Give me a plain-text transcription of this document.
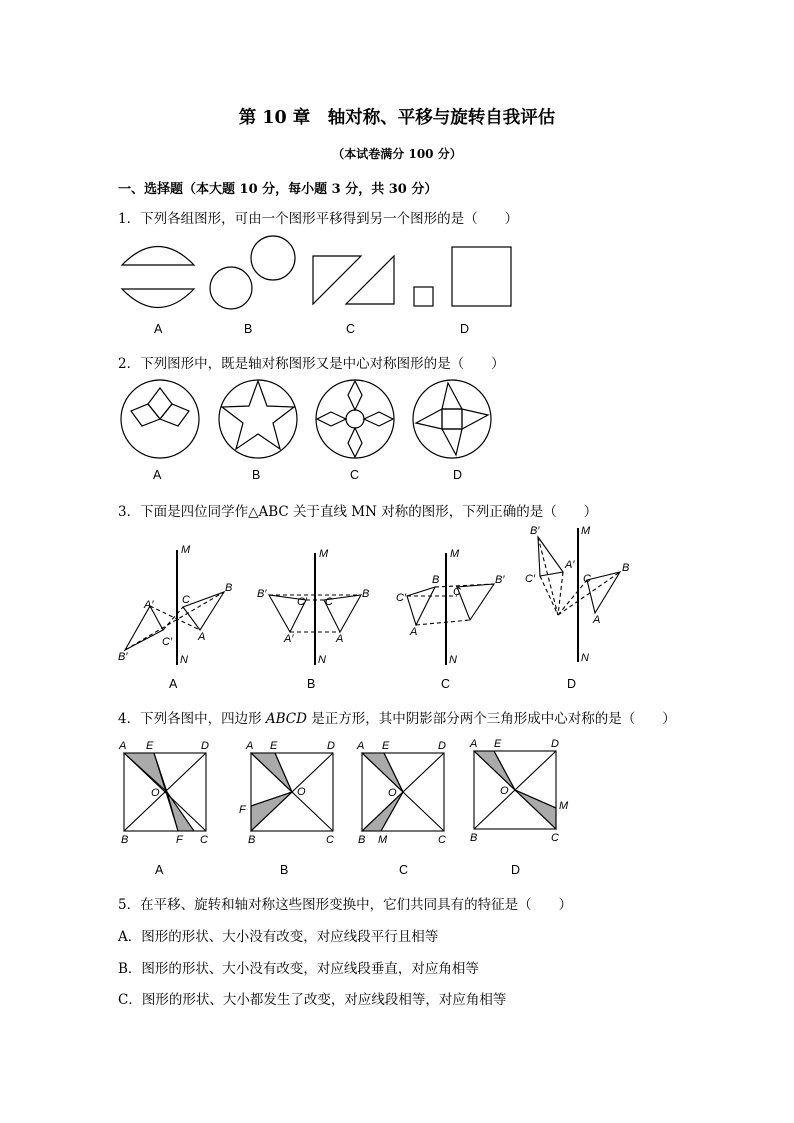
第 10 章　轴对称、平移与旋转自我评估
（本试卷满分 100 分）
一、选择题（本大题 10 分，每小题 3 分，共 30 分）
1．下列各组图形，可由一个图形平移得到另一个图形的是（　　）
A	B	C	D
2．下列图形中，既是轴对称图形又是中心对称图形的是（　　）
A	B	C	D
3．下面是四位同学作△ABC 关于直线 MN 对称的图形，下列正确的是（　　）
M
N
B
C
A
A′
B′
C′
M
N
B
C
A
B′
C′
A′
M
N
B
C
A
B′
C′
M
N
B
C
A
B′
C′
A′
A	B	C	D
4．下列各图中，四边形 ABCD 是正方形，其中阴影部分两个三角形成中心对称的是（　　）
A E	D
O
B	F C
A E	D
O
F
B	C
A E	D
O
B M	C
A E	D
O
M
B	C
A	B	C	D
5．在平移、旋转和轴对称这些图形变换中，它们共同具有的特征是（　　）
A．图形的形状、大小没有改变，对应线段平行且相等
B．图形的形状、大小没有改变，对应线段垂直，对应角相等
C．图形的形状、大小都发生了改变，对应线段相等，对应角相等
